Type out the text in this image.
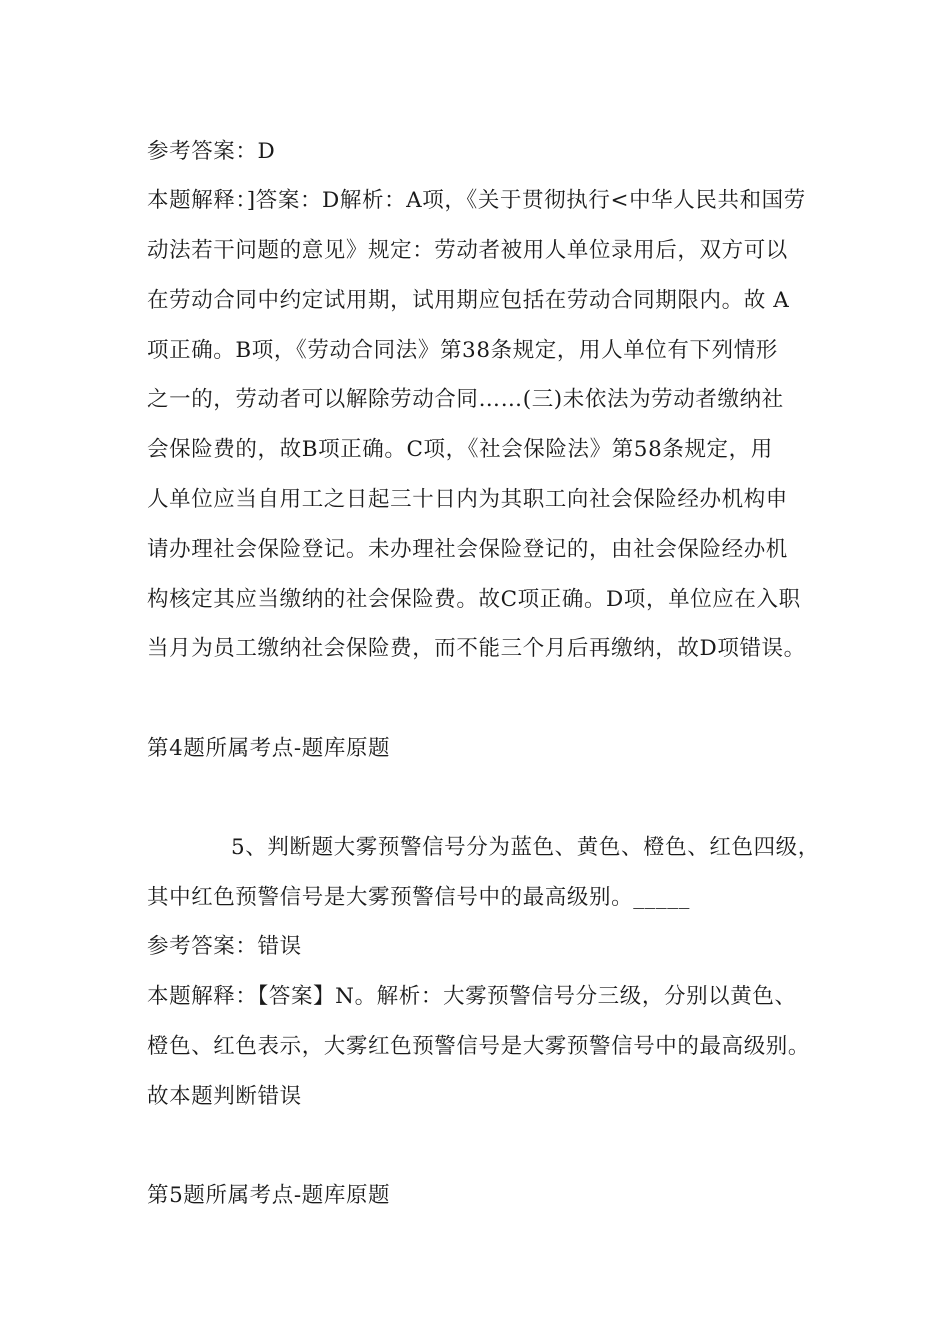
参考答案：D
本题解释：]答案：D解析：A项，《关于贯彻执行<中华人民共和国劳
动法若干问题的意见》规定：劳动者被用人单位录用后，双方可以
在劳动合同中约定试用期，试用期应包括在劳动合同期限内。故 A
项正确。B项，《劳动合同法》第38条规定，用人单位有下列情形
之一的，劳动者可以解除劳动合同……(三)未依法为劳动者缴纳社
会保险费的，故B项正确。C项，《社会保险法》第58条规定，用
人单位应当自用工之日起三十日内为其职工向社会保险经办机构申
请办理社会保险登记。未办理社会保险登记的，由社会保险经办机
构核定其应当缴纳的社会保险费。故C项正确。D项，单位应在入职
当月为员工缴纳社会保险费，而不能三个月后再缴纳，故D项错误。
第4题所属考点-题库原题
5、判断题大雾预警信号分为蓝色、黄色、橙色、红色四级，
其中红色预警信号是大雾预警信号中的最高级别。_____
参考答案：错误
本题解释：【答案】N。解析：大雾预警信号分三级，分别以黄色、
橙色、红色表示，大雾红色预警信号是大雾预警信号中的最高级别。
故本题判断错误
第5题所属考点-题库原题
